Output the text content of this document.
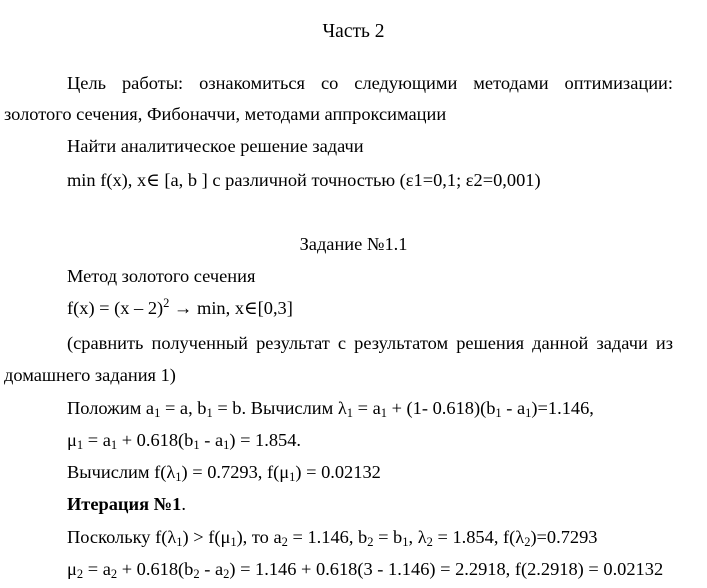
Часть 2
Цель работы: ознакомиться со следующими методами оптимизации:
золотого сечения, Фибоначчи, методами аппроксимации
Найти аналитическое решение задачи
min f(x), x∈ [a, b ] с различной точностью (ε1=0,1; ε2=0,001)
Задание №1.1
Метод золотого сечения
f(x) = (x – 2)$^2$ → min, x∈[0,3]
(сравнить полученный результат с результатом решения данной задачи из
домашнего задания 1)
Положим $a_1 = a$, $b_1 = b$. Вычислим $\lambda_1 = a_1 + (1-$ $0.618)(b_1 - a_1)=1.146$,
$\mu_1 = a_1 + 0.618(b_1 - a_1) = 1.854$.
Вычислим $f(\lambda_1) = 0.7293$, $f(\mu_1) = 0.02132$
Итерация №1.
Поскольку $f(\lambda_1) > f(\mu_1)$, то $a_2 = 1.146$, $b_2 = b_1$, $\lambda_2 = 1.854$, $f(\lambda_2)=0.7293$
$\mu_2 = a_2 + 0.618(b_2 - a_2) = 1.146 + 0.618(3 - 1.146) = 2.2918$, f(2.2918) = 0.02132
